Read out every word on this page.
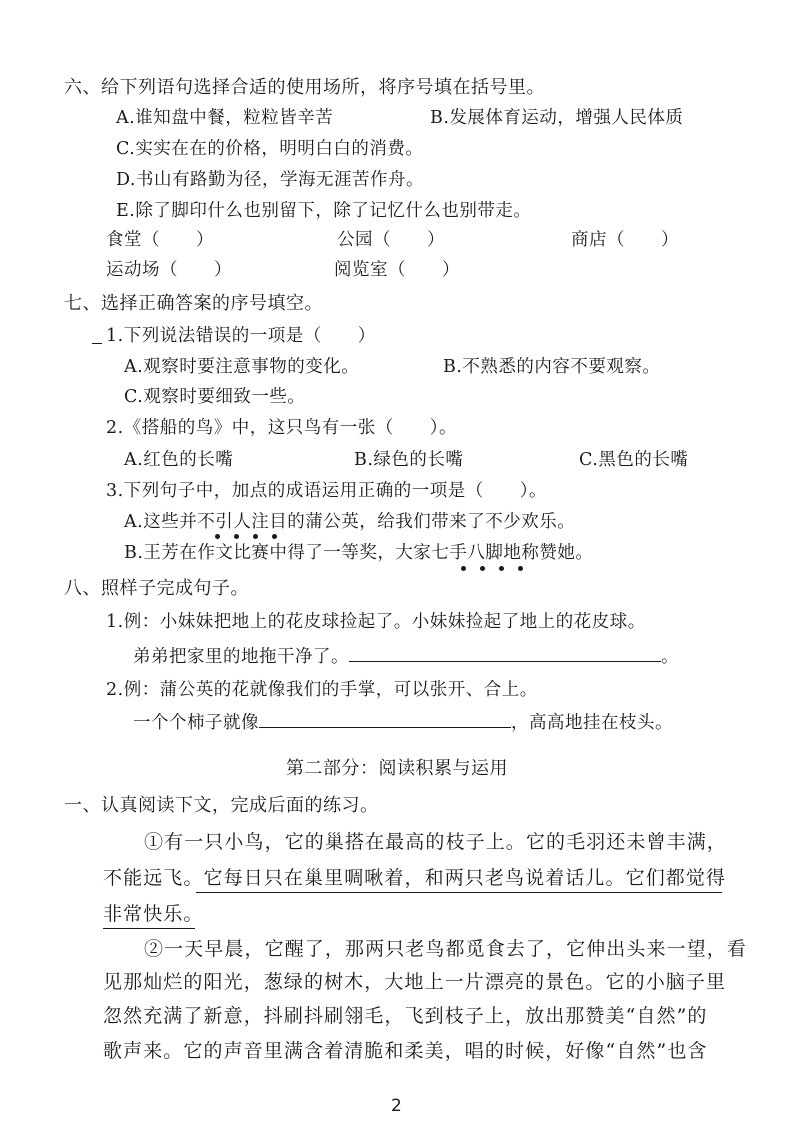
六、给下列语句选择合适的使用场所，将序号填在括号里。
A.谁知盘中餐，粒粒皆辛苦	B.发展体育运动，增强人民体质
C.实实在在的价格，明明白白的消费。
D.书山有路勤为径，学海无涯苦作舟。
E.除了脚印什么也别留下，除了记忆什么也别带走。
食堂（　　）	公园（　　）	商店（　　）
运动场（　　）	阅览室（　　）
七、选择正确答案的序号填空。
1.下列说法错误的一项是（　　）
A.观察时要注意事物的变化。	B.不熟悉的内容不要观察。
C.观察时要细致一些。
2.《搭船的鸟》中，这只鸟有一张（　　）。
A.红色的长嘴	B.绿色的长嘴	C.黑色的长嘴
3.下列句子中，加点的成语运用正确的一项是（　　）。
A.这些并不引人注目的蒲公英，给我们带来了不少欢乐。
B.王芳在作文比赛中得了一等奖，大家七手八脚地称赞她。
八、照样子完成句子。
1.例：小妹妹把地上的花皮球捡起了。小妹妹捡起了地上的花皮球。
弟弟把家里的地拖干净了。	。
2.例：蒲公英的花就像我们的手掌，可以张开、合上。
一个个柿子就像	，高高地挂在枝头。
第二部分：阅读积累与运用
一、认真阅读下文，完成后面的练习。
①有一只小鸟，它的巢搭在最高的枝子上。它的毛羽还未曾丰满，
不能远飞。它每日只在巢里啁啾着，和两只老鸟说着话儿。它们都觉得
非常快乐。
②一天早晨，它醒了，那两只老鸟都觅食去了，它伸出头来一望，看
见那灿烂的阳光，葱绿的树木，大地上一片漂亮的景色。它的小脑子里
忽然充满了新意，抖刷抖刷翎毛，飞到枝子上，放出那赞美“自然”的
歌声来。它的声音里满含着清脆和柔美，唱的时候，好像“自然”也含
2
